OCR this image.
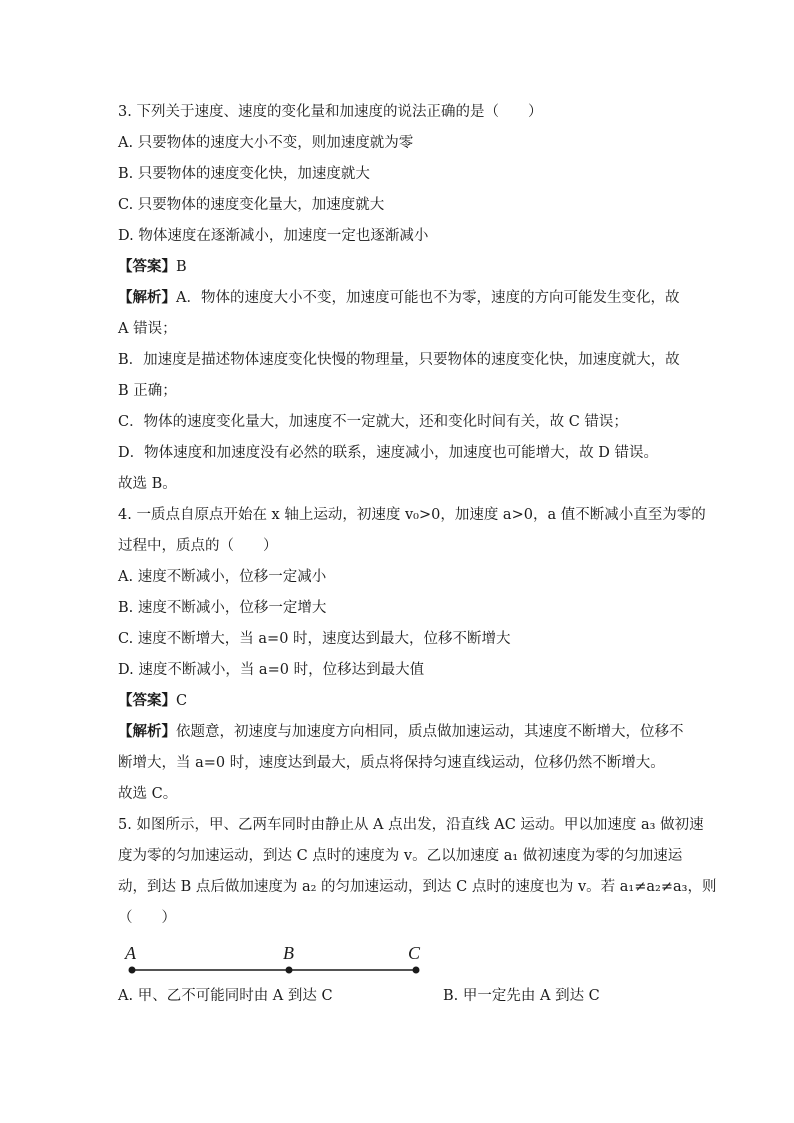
3. 下列关于速度、速度的变化量和加速度的说法正确的是（　　）
A. 只要物体的速度大小不变，则加速度就为零
B. 只要物体的速度变化快，加速度就大
C. 只要物体的速度变化量大，加速度就大
D. 物体速度在逐渐减小，加速度一定也逐渐减小
【答案】B
【解析】A．物体的速度大小不变，加速度可能也不为零，速度的方向可能发生变化，故
A 错误；
B．加速度是描述物体速度变化快慢的物理量，只要物体的速度变化快，加速度就大，故
B 正确；
C．物体的速度变化量大，加速度不一定就大，还和变化时间有关，故 C 错误；
D．物体速度和加速度没有必然的联系，速度减小，加速度也可能增大，故 D 错误。
故选 B。
4. 一质点自原点开始在 x 轴上运动，初速度 v₀>0，加速度 a>0，a 值不断减小直至为零的
过程中，质点的（　　）
A. 速度不断减小，位移一定减小
B. 速度不断减小，位移一定增大
C. 速度不断增大，当 a=0 时，速度达到最大，位移不断增大
D. 速度不断减小，当 a=0 时，位移达到最大值
【答案】C
【解析】依题意，初速度与加速度方向相同，质点做加速运动，其速度不断增大，位移不
断增大，当 a=0 时，速度达到最大，质点将保持匀速直线运动，位移仍然不断增大。
故选 C。
5. 如图所示，甲、乙两车同时由静止从 A 点出发，沿直线 AC 运动。甲以加速度 a₃ 做初速
度为零的匀加速运动，到达 C 点时的速度为 v。乙以加速度 a₁ 做初速度为零的匀加速运
动，到达 B 点后做加速度为 a₂ 的匀加速运动，到达 C 点时的速度也为 v。若 a₁≠a₂≠a₃，则
（　　）
A	B	C
A. 甲、乙不可能同时由 A 到达 C	B. 甲一定先由 A 到达 C
